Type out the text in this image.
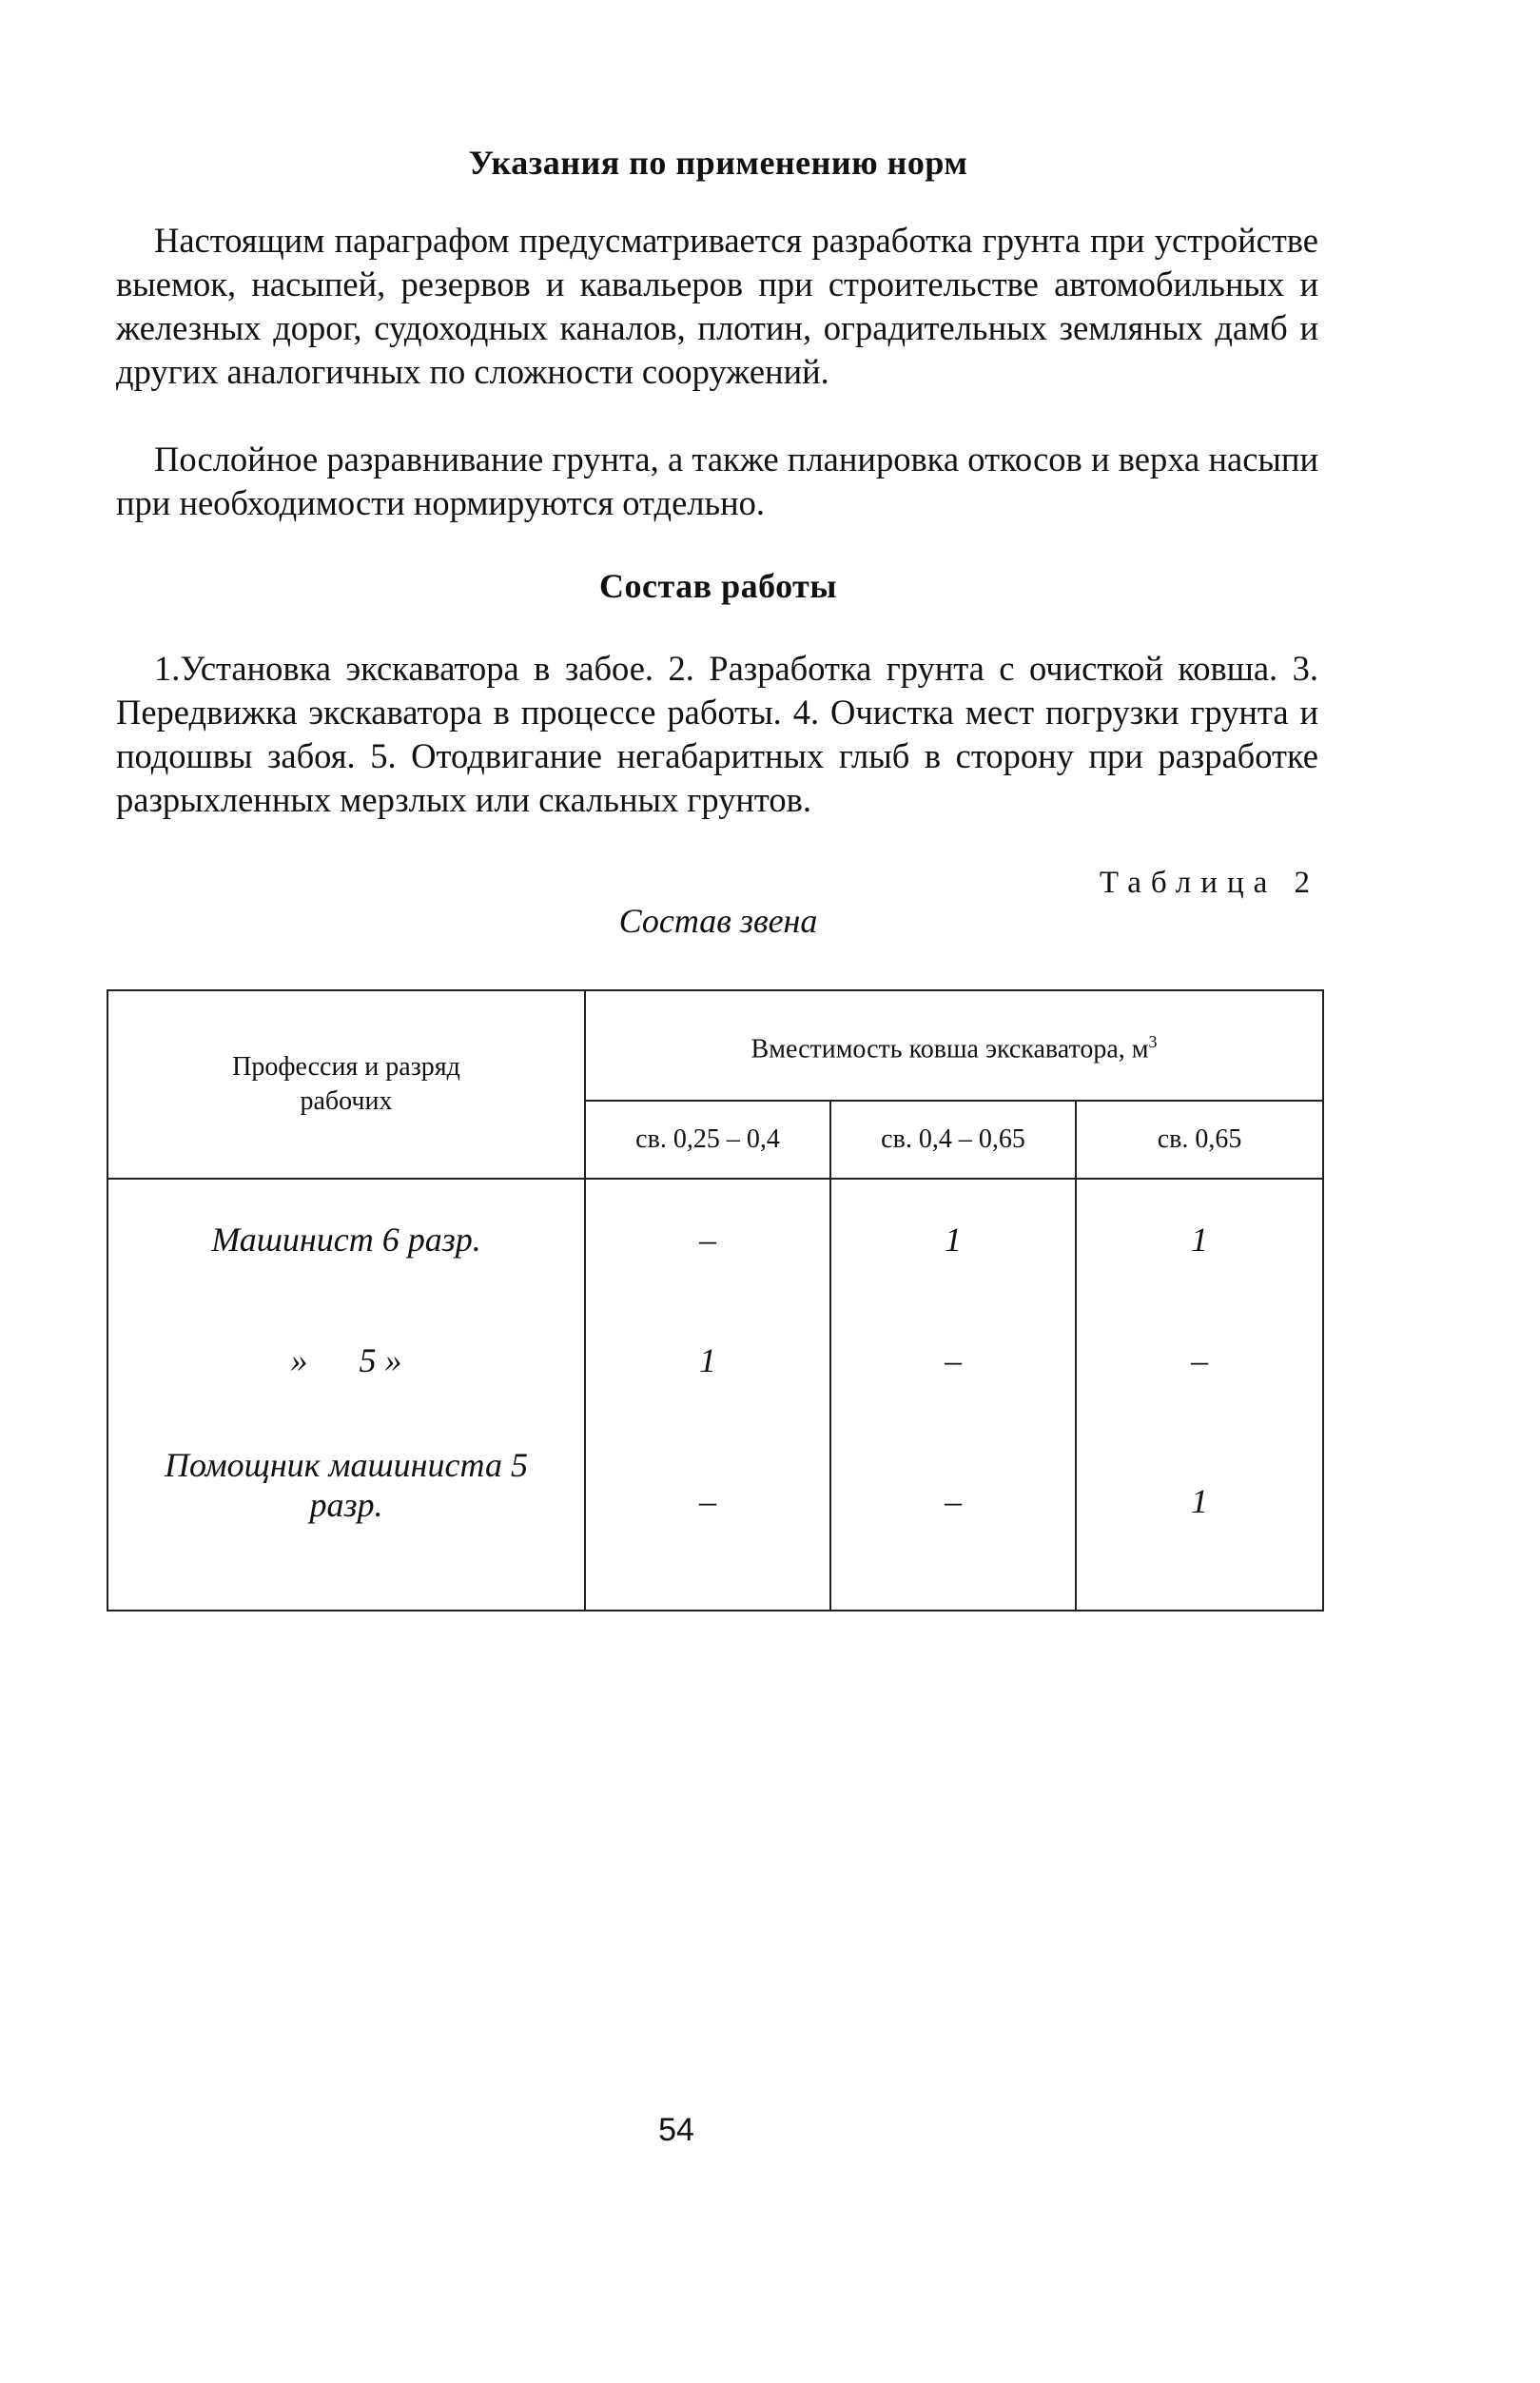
Указания по применению норм
Настоящим параграфом предусматривается разработка грунта при устройстве выемок, насыпей, резервов и кавальеров при строительстве автомобильных и железных дорог, судоходных каналов, плотин, оградительных земляных дамб и других аналогичных по сложности сооружений.
Послойное разравнивание грунта, а также планировка откосов и верха насыпи при необходимости нормируются отдельно.
Состав работы
1.Установка экскаватора в забое. 2. Разработка грунта с очисткой ковша. 3. Передвижка экскаватора в процессе работы. 4. Очистка мест погрузки грунта и подошвы забоя. 5. Отодвигание негабаритных глыб в сторону при разработке разрыхленных мерзлых или скальных грунтов.
Таблица 2
Состав звена
Профессия и разряд рабочих	Вместимость ковша экскаватора, $м^3$
	св. 0,25 – 0,4	св. 0,4 – 0,65	св. 0,65
Машинист 6 разр.	–	1	1
»      5 »	1	–	–
Помощник машиниста 5 разр.	–	–	1
54
